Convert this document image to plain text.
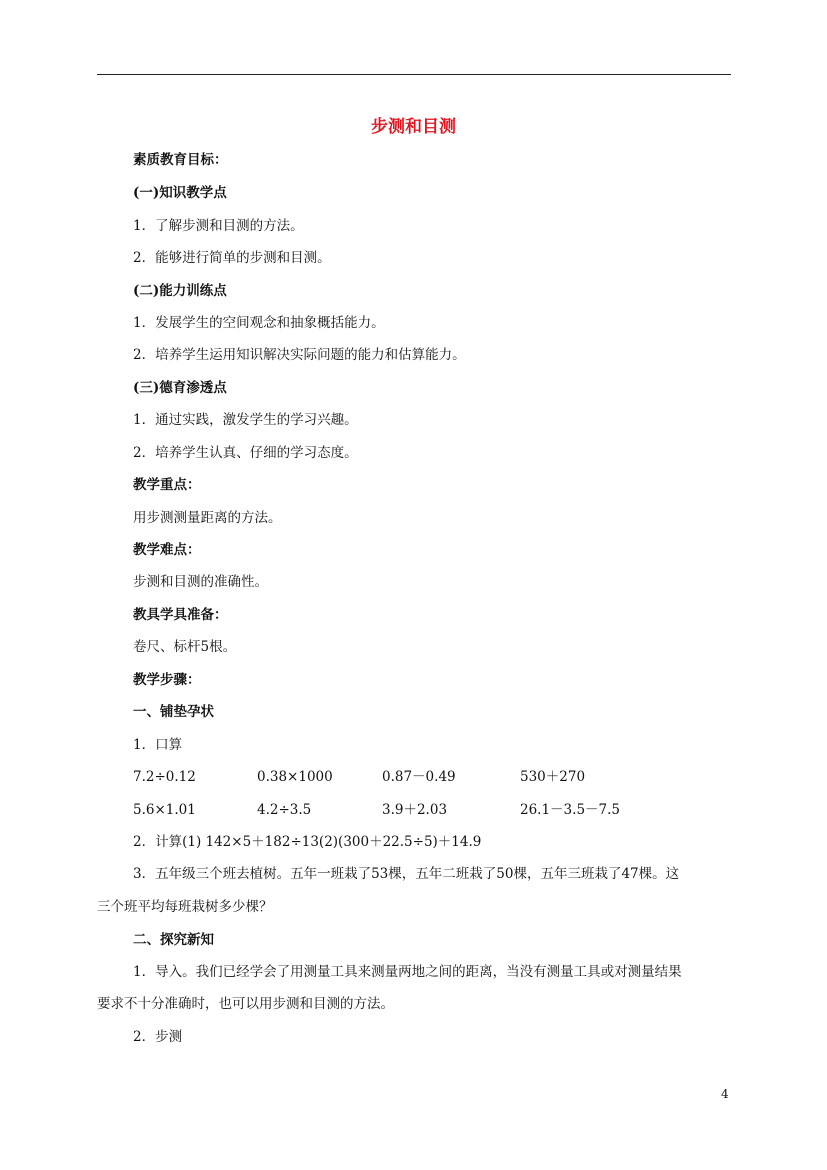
步测和目测
素质教育目标：
(一)知识教学点
1．了解步测和目测的方法。
2．能够进行简单的步测和目测。
(二)能力训练点
1．发展学生的空间观念和抽象概括能力。
2．培养学生运用知识解决实际问题的能力和估算能力。
(三)德育渗透点
1．通过实践，激发学生的学习兴趣。
2．培养学生认真、仔细的学习态度。
教学重点：
用步测测量距离的方法。
教学难点：
步测和目测的准确性。
教具学具准备：
卷尺、标杆5根。
教学步骤：
一、铺垫孕状
1．口算
2．计算(1) 142×5＋182÷13(2)(300＋22.5÷5)＋14.9
3．五年级三个班去植树。五年一班栽了53棵，五年二班栽了50棵，五年三班栽了47棵。这
三个班平均每班栽树多少棵？
二、探究新知
1．导入。我们已经学会了用测量工具来测量两地之间的距离，当没有测量工具或对测量结果
要求不十分准确时，也可以用步测和目测的方法。
2．步测
7.2÷0.12	0.38×1000	0.87－0.49	530＋270
5.6×1.01	4.2÷3.5	3.9＋2.03	26.1－3.5－7.5
4
